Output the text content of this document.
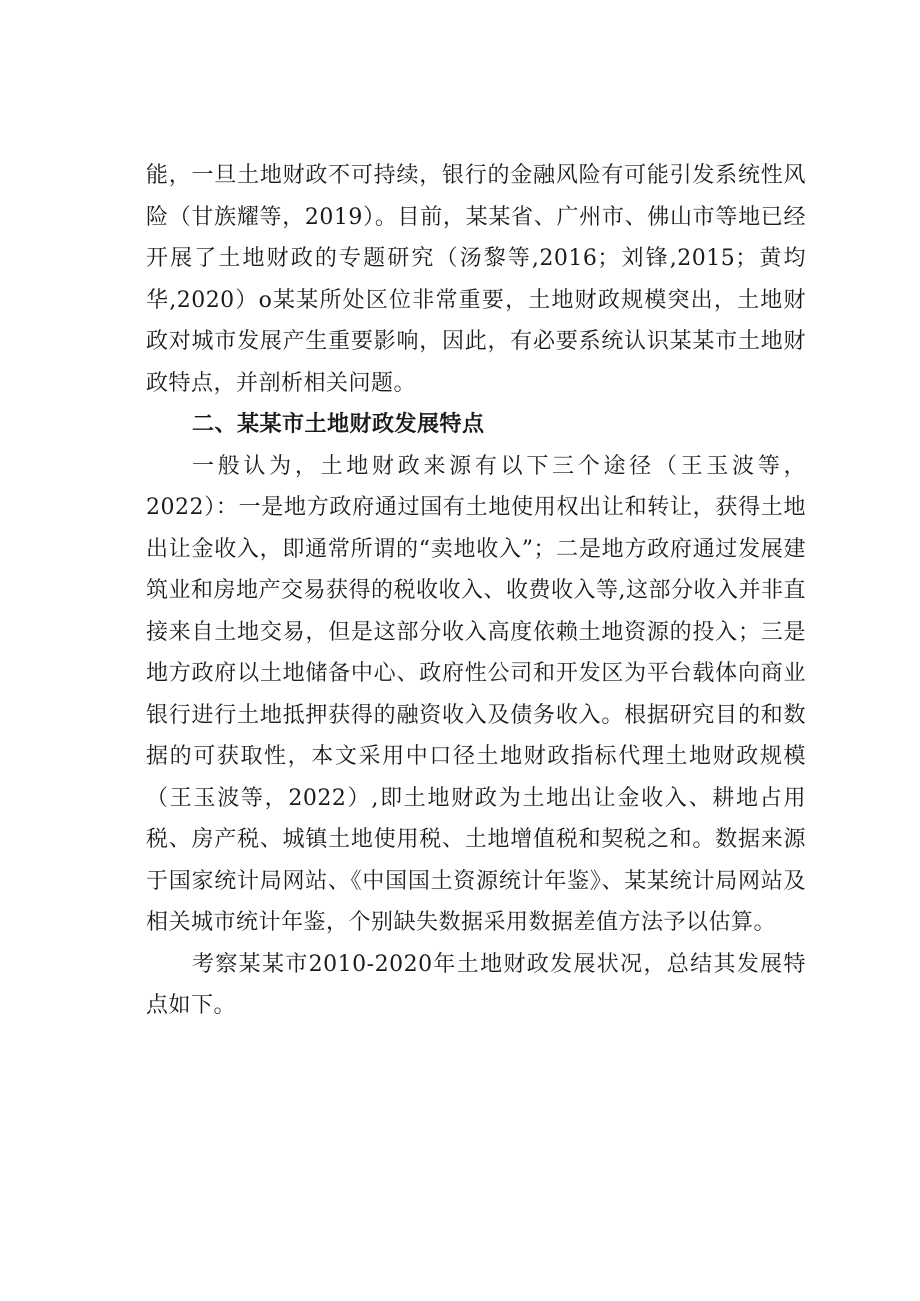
能，一旦土地财政不可持续，银行的金融风险有可能引发系统性风险（甘族耀等，2019）。目前，某某省、广州市、佛山市等地已经开展了土地财政的专题研究（汤黎等,2016；刘锋,2015；黄均华,2020）o某某所处区位非常重要，土地财政规模突出，土地财政对城市发展产生重要影响，因此，有必要系统认识某某市土地财政特点，并剖析相关问题。

二、某某市土地财政发展特点

一般认为，土地财政来源有以下三个途径（王玉波等，2022）：一是地方政府通过国有土地使用权出让和转让，获得土地出让金收入，即通常所谓的“卖地收入”；二是地方政府通过发展建筑业和房地产交易获得的税收收入、收费收入等,这部分收入并非直接来自土地交易，但是这部分收入高度依赖土地资源的投入；三是地方政府以土地储备中心、政府性公司和开发区为平台载体向商业银行进行土地抵押获得的融资收入及债务收入。根据研究目的和数据的可获取性，本文采用中口径土地财政指标代理土地财政规模（王玉波等，2022）,即土地财政为土地出让金收入、耕地占用税、房产税、城镇土地使用税、土地增值税和契税之和。数据来源于国家统计局网站、《中国国土资源统计年鉴》、某某统计局网站及相关城市统计年鉴，个别缺失数据采用数据差值方法予以估算。

考察某某市2010-2020年土地财政发展状况，总结其发展特点如下。
